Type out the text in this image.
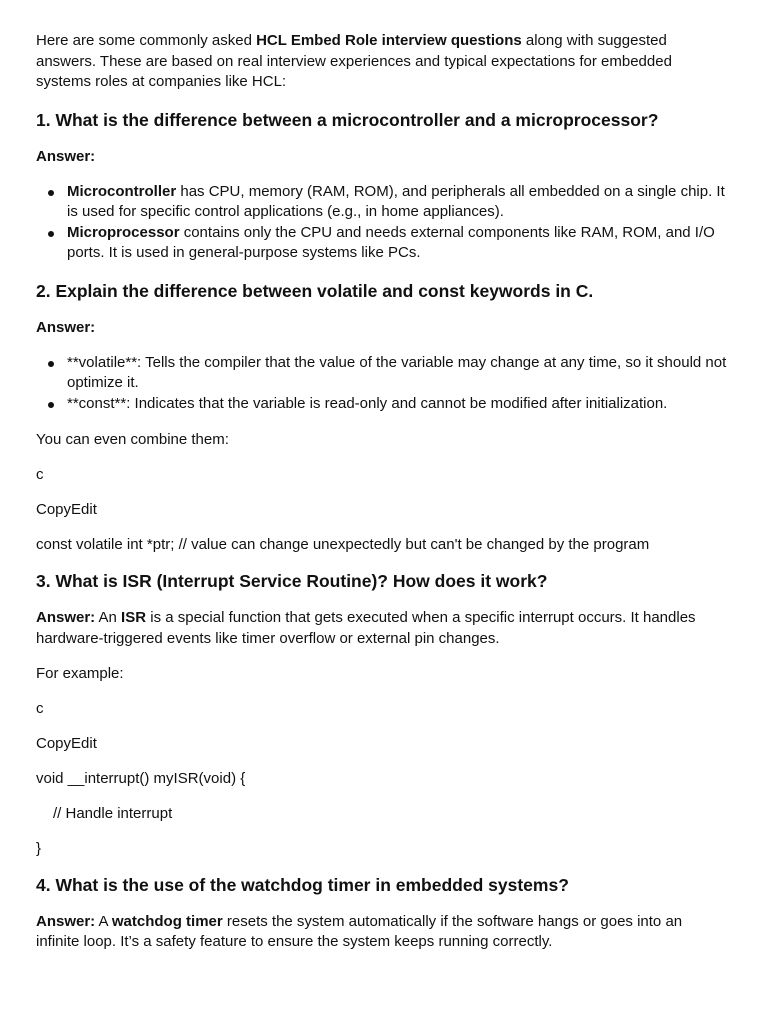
Here are some commonly asked HCL Embed Role interview questions along with suggested answers. These are based on real interview experiences and typical expectations for embedded systems roles at companies like HCL:

1. What is the difference between a microcontroller and a microprocessor?

Answer:

Microcontroller has CPU, memory (RAM, ROM), and peripherals all embedded on a single chip. It is used for specific control applications (e.g., in home appliances).
Microprocessor contains only the CPU and needs external components like RAM, ROM, and I/O ports. It is used in general-purpose systems like PCs.
2. Explain the difference between volatile and const keywords in C.

Answer:

**volatile**: Tells the compiler that the value of the variable may change at any time, so it should not optimize it.
**const**: Indicates that the variable is read-only and cannot be modified after initialization.

You can even combine them:

c

CopyEdit

const volatile int *ptr; // value can change unexpectedly but can't be changed by the program

3. What is ISR (Interrupt Service Routine)? How does it work?

Answer: An ISR is a special function that gets executed when a specific interrupt occurs. It handles hardware-triggered events like timer overflow or external pin changes.

For example:

c

CopyEdit

void __interrupt() myISR(void) {

// Handle interrupt

}

4. What is the use of the watchdog timer in embedded systems?

Answer: A watchdog timer resets the system automatically if the software hangs or goes into an infinite loop. It’s a safety feature to ensure the system keeps running correctly.
